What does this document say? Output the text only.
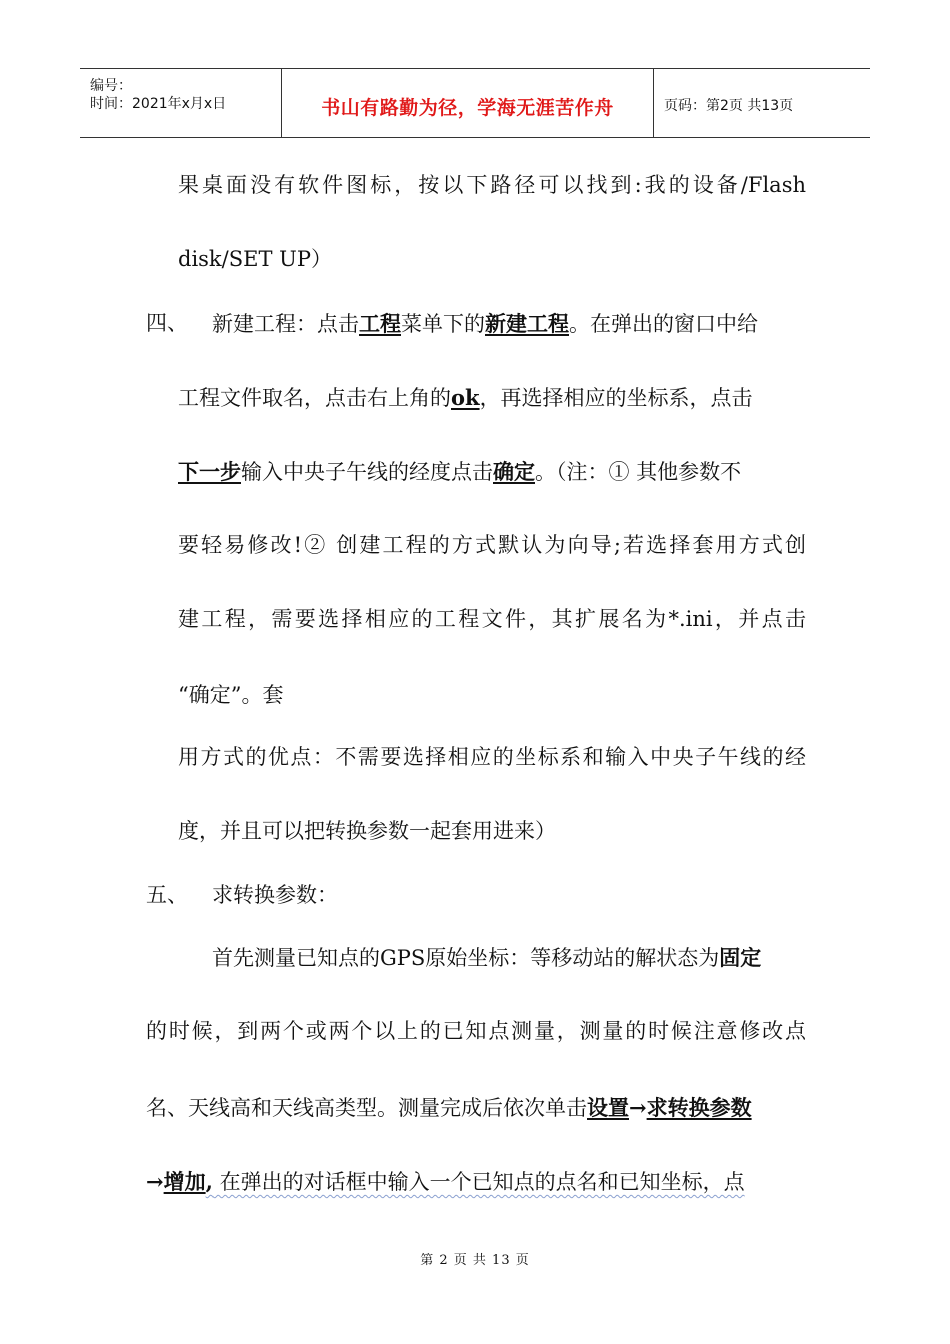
编号：
时间：2021年x月x日	书山有路勤为径，学海无涯苦作舟	页码：第2页 共13页
果桌面没有软件图标，按以下路径可以找到:我的设备/Flash
disk/SET UP）
四、 新建工程：点击工程菜单下的新建工程。在弹出的窗口中给
工程文件取名，点击右上角的ok，再选择相应的坐标系，点击
下一步输入中央子午线的经度点击确定。（注：① 其他参数不
要轻易修改!② 创建工程的方式默认为向导;若选择套用方式创
建工程，需要选择相应的工程文件，其扩展名为*.ini，并点击
“确定”。套
用方式的优点：不需要选择相应的坐标系和输入中央子午线的经
度，并且可以把转换参数一起套用进来）
五、 求转换参数：
首先测量已知点的GPS原始坐标：等移动站的解状态为固定
的时候，到两个或两个以上的已知点测量，测量的时候注意修改点
名、天线高和天线高类型。测量完成后依次单击设置→求转换参数
→增加, 在弹出的对话框中输入一个已知点的点名和已知坐标，点
第 2 页 共 13 页
